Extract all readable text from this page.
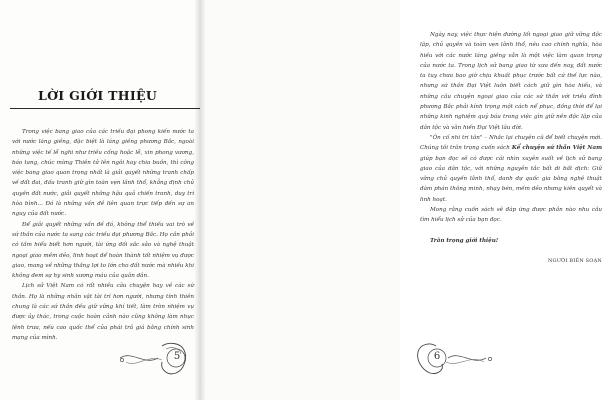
LỜI GIỚI THIỆU

Trong việc bang giao của các triều đại phong kiến nước ta với nước láng giềng, đặc biệt là láng giềng phương Bắc, ngoài những việc tế lễ nghi như triều cống hoặc lễ, xin phong vương, báo tang, chúc mừng Thiên tử lên ngôi hay chia buồn, thì công việc bang giao quan trọng nhất là giải quyết những tranh chấp về đất đai, đấu tranh giữ gìn toàn vẹn lãnh thổ, khẳng định chủ quyền đất nước, giải quyết những hậu quả chiến tranh, duy trì hòa bình... Đó là những vấn đề liên quan trực tiếp đến sự an nguy của đất nước.

Để giải quyết những vấn đề đó, không thể thiếu vai trò về sứ thần của nước ta sang các triều đại phương Bắc. Họ cần phải có tầm hiểu biết hơn người, tài ứng đối sắc sảo và nghệ thuật ngoại giao mềm dẻo, linh hoạt để hoàn thành tốt nhiệm vụ được giao, mang về những thắng lợi to lớn cho đất nước mà nhiều khi không đem sự hy sinh xương máu của quân dân.

Lịch sử Việt Nam có rất nhiều câu chuyện hay về các sứ thần. Họ là những nhân vật tài trí hơn người, nhưng tính thiên chung là các sứ thần đều giữ vững khí tiết, làm tròn nhiệm vụ được ủy thác, trong cuộc hoàn cảnh nào cũng không làm nhục lệnh trưa, nếu cao quốc thể của phái trả giá bằng chính sinh mạng của mình.

5

Ngày nay, việc thực hiện đường lối ngoại giao giữ vững độc lập, chủ quyền và toàn vẹn lãnh thổ, nêu cao chính nghĩa, hòa hiếu với các nước láng giềng vẫn là một việc làm quan trọng của nước ta. Trong lịch sử bang giao từ xưa đến nay, đất nước ta tuy chưa bao giờ chịu khuất phục trước bất cứ thế lực nào, nhưng sứ thần Đại Việt luôn biết cách giữ gìn hòa hiếu, và những câu chuyện ngoại giao của các sứ thần với triều đình phương Bắc phải kính trọng một cách nể phục, đồng thời để lại những kinh nghiệm quý báu trong việc gìn giữ nền độc lập của dân tộc và văn hiến Đại Việt lâu đời.

"Ôn cố nhi tri tân" – Nhắc lại chuyện cũ để biết chuyện mới. Chúng tôi trân trọng cuốn sách Kể chuyện sứ thần Việt Nam giúp bạn đọc sẽ có được cái nhìn xuyên suốt về lịch sử bang giao của dân tộc, với những nguyên tắc bất di bất dịch: Giữ vững chủ quyền lãnh thổ, danh dự quốc gia bằng nghệ thuật đàm phán thông minh, nhạy bén, mềm dẻo nhưng kiên quyết và linh hoạt.

Mong rằng cuốn sách sẽ đáp ứng được phần nào nhu cầu tìm hiểu lịch sử của bạn đọc.

Trân trọng giới thiệu!

NGƯỜI BIÊN SOẠN

6
